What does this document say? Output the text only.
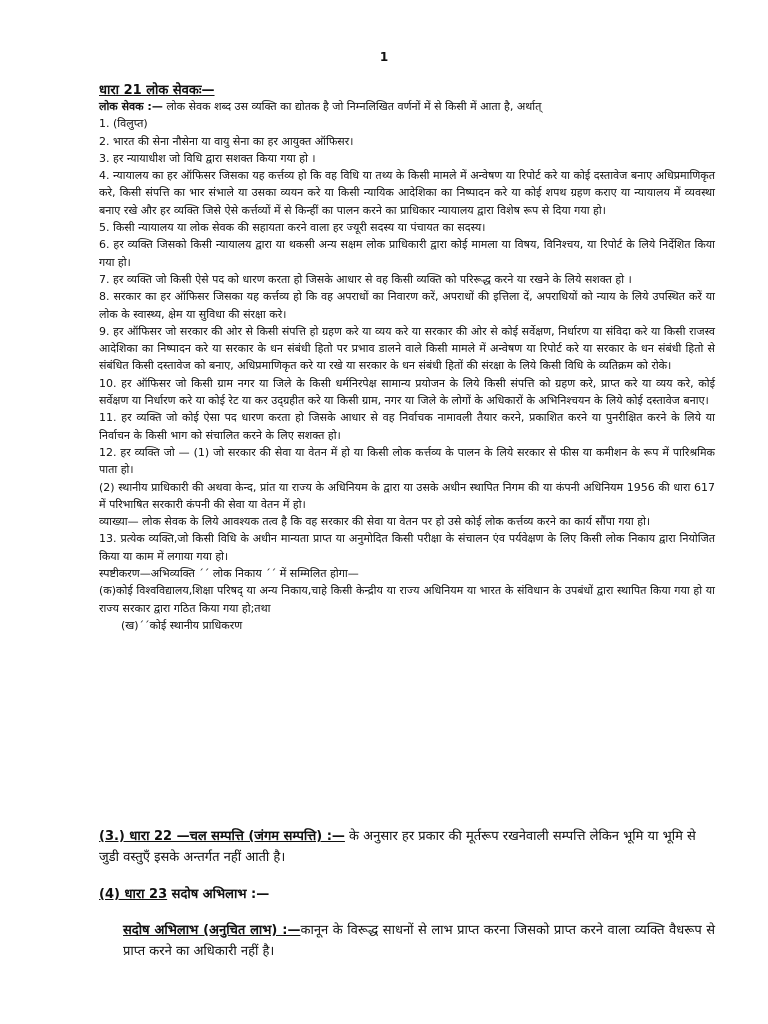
1
धारा 21 लोक सेवकः—

लोक सेवक :— लोक सेवक शब्द उस व्यक्ति का द्योतक है जो निम्नलिखित वर्णनों में से किसी में आता है, अर्थात्

1. (विलुप्त)

2. भारत की सेना नौसेना या वायु सेना का हर आयुक्त ऑफिसर।

3. हर न्यायाधीश जो विधि द्वारा सशक्त किया गया हो ।

4. न्यायालय का हर ऑफिसर जिसका यह कर्त्तव्य हो कि वह विधि या तथ्य के किसी मामले में अन्वेषण या रिपोर्ट करे या कोई दस्तावेज बनाए अधिप्रमाणिकृत करे, किसी संपत्ति का भार संभाले या उसका व्ययन करे या किसी न्यायिक आदेशिका का निष्पादन करे या कोई शपथ ग्रहण कराए या न्यायालय में व्यवस्था बनाए रखे और हर व्यक्ति जिसे ऐसे कर्त्तव्यों में से किन्हीं का पालन करने का प्राधिकार न्यायालय द्वारा विशेष रूप से दिया गया हो।

5. किसी न्यायालय या लोक सेवक की सहायता करने वाला हर ज्यूरी सदस्य या पंचायत का सदस्य।

6. हर व्यक्ति जिसको किसी न्यायालय द्वारा या थकसी अन्य सक्षम लोक प्राधिकारी द्वारा कोई मामला या विषय, विनिश्चय, या रिपोर्ट के लिये निर्देशित किया गया हो।

7. हर व्यक्ति जो किसी ऐसे पद को धारण करता हो जिसके आधार से वह किसी व्यक्ति को परिरूद्ध करने या रखने के लिये सशक्त हो ।

8. सरकार का हर ऑफिसर जिसका यह कर्त्तव्य हो कि वह अपराधों का निवारण करें, अपराधों की इत्तिला दें, अपराधियों को न्याय के लिये उपस्थित करें या लोक के स्वास्थ्य, क्षेम या सुविधा की संरक्षा करे।

9. हर ऑफिसर जो सरकार की ओर से किसी संपत्ति हो ग्रहण करे या व्यय करे या सरकार की ओर से कोई सर्वेक्षण, निर्धारण या संविदा करे या किसी राजस्व आदेशिका का निष्पादन करे या सरकार के धन संबंधी हितो पर प्रभाव डालने वाले किसी मामले में अन्वेषण या रिपोर्ट करे या सरकार के धन संबंधी हितो से संबंधित किसी दस्तावेज को बनाए, अधिप्रमाणिकृत करे या रखे या सरकार के धन संबंधी हितों की संरक्षा के लिये किसी विधि के व्यतिक्रम को रोके।

10. हर ऑफिसर जो किसी ग्राम नगर या जिले के किसी धर्मनिरपेक्ष सामान्य प्रयोजन के लिये किसी संपत्ति को ग्रहण करे, प्राप्त करे या व्यय करे, कोई सर्वेक्षण या निर्धारण करे या कोई रेट या कर उद्ग्रहीत करे या किसी ग्राम, नगर या जिले के लोगों के अधिकारों के अभिनिश्चयन के लिये कोई दस्तावेज बनाए।

11. हर व्यक्ति जो कोई ऐसा पद धारण करता हो जिसके आधार से वह निर्वाचक नामावली तैयार करने, प्रकाशित करने या पुनरीक्षित करने के लिये या निर्वाचन के किसी भाग को संचालित करने के लिए सशक्त हो।

12. हर व्यक्ति जो — (1) जो सरकार की सेवा या वेतन में हो या किसी लोक कर्त्तव्य के पालन के लिये सरकार से फीस या कमीशन के रूप में पारिश्रमिक पाता हो।

(2) स्थानीय प्राधिकारी की अथवा केन्द, प्रांत या राज्य के अधिनियम के द्वारा या उसके अधीन स्थापित निगम की या कंपनी अधिनियम 1956 की धारा 617 में परिभाषित सरकारी कंपनी की सेवा या वेतन में हो।

व्याख्या— लोक सेवक के लिये आवश्यक तत्व है कि वह सरकार की सेवा या वेतन पर हो उसे कोई लोक कर्त्तव्य करने का कार्य सौंपा गया हो।

13. प्रत्येक व्यक्ति,जो किसी विधि के अधीन मान्यता प्राप्त या अनुमोदित किसी परीक्षा के संचालन एंव पर्यवेक्षण के लिए किसी लोक निकाय द्वारा नियोजित किया या काम में लगाया गया हो।

स्पष्टीकरण—अभिव्यक्ति ´´ लोक निकाय ´´ में सम्मिलित होगा—

(क)कोई विश्वविद्यालय,शिक्षा परिषद् या अन्य निकाय,चाहे किसी केन्द्रीय या राज्य अधिनियम या भारत के संविधान के उपबंधों द्वारा स्थापित किया गया हो या राज्य सरकार द्वारा गठित किया गया हो;तथा

(ख)´´कोई स्थानीय प्राधिकरण

(3.) धारा 22 —चल सम्पत्ति (जंगम सम्पत्ति) :— के अनुसार हर प्रकार की मूर्तरूप रखनेवाली सम्पत्ति लेकिन भूमि या भूमि से जुडी वस्तुएँ इसके अन्तर्गत नहीं आती है।

(4) धारा 23 सदोष अभिलाभ :—

सदोष अभिलाभ (अनुचित लाभ) :—कानून के विरूद्ध साधनों से लाभ प्राप्त करना जिसको प्राप्त करने वाला व्यक्ति वैधरूप से प्राप्त करने का अधिकारी नहीं है।
